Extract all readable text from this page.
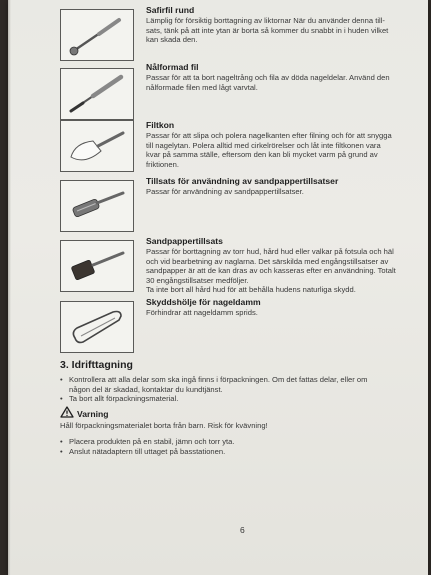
Safirfil rund
Lämplig för försiktig borttagning av liktornar När du använder denna till-
sats, tänk på att inte ytan är borta så kommer du snabbt in i huden vilket
kan skada den.
Nålformad fil
Passar för att ta bort nageltrång och fila av döda nageldelar. Använd den
nålformade filen med lågt varvtal.
Filtkon
Passar för att slipa och polera nagelkanten efter filning och för att snygga
till nagelytan. Polera alltid med cirkelrörelser och låt inte filtkonen vara
kvar på samma ställe, eftersom den kan bli mycket varm på grund av
friktionen.
Tillsats för användning av sandpappertillsatser
Passar för användning av sandpappertillsatser.
Sandpappertillsats
Passar för borttagning av torr hud, hård hud eller valkar på fotsula och häl
och vid bearbetning av naglarna. Det särskilda med engångstillsatser av
sandpapper är att de kan dras av och kasseras efter en användning. Totalt
30 engångstillsatser medföljer.
Ta inte bort all hård hud för att behålla hudens naturliga skydd.
Skyddshölje för nageldamm
Förhindrar att nageldamm sprids.
3. Idrifttagning
• Kontrollera att alla delar som ska ingå finns i förpackningen. Om det fattas delar, eller om
någon del är skadad, kontaktar du kundtjänst.
• Ta bort allt förpackningsmaterial.
Varning
Håll förpackningsmaterialet borta från barn. Risk för kvävning!
• Placera produkten på en stabil, jämn och torr yta.
• Anslut nätadaptern till uttaget på basstationen.
6
